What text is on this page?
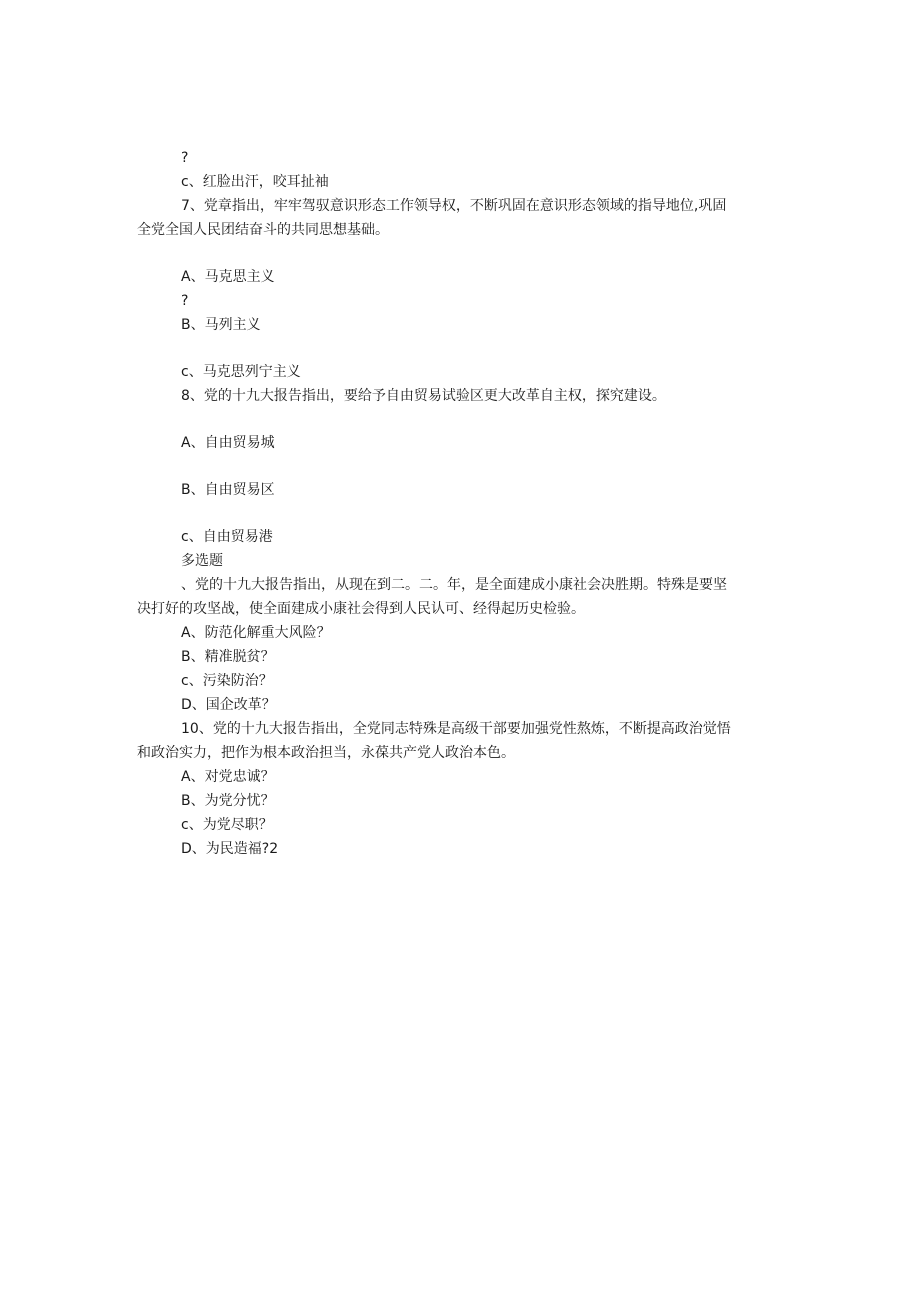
?
c、红脸出汗，咬耳扯袖
7、党章指出，牢牢驾驭意识形态工作领导权，不断巩固在意识形态领域的指导地位,巩固
全党全国人民团结奋斗的共同思想基础。
A、马克思主义
?
B、马列主义
c、马克思列宁主义
8、党的十九大报告指出，要给予自由贸易试验区更大改革自主权，探究建设。
A、自由贸易城
B、自由贸易区
c、自由贸易港
多选题
、党的十九大报告指出，从现在到二。二。年，是全面建成小康社会决胜期。特殊是要坚
决打好的攻坚战，使全面建成小康社会得到人民认可、经得起历史检验。
A、防范化解重大风险？
B、精准脱贫？
c、污染防治？
D、国企改革？
10、党的十九大报告指出，全党同志特殊是高级干部要加强党性熬炼，不断提高政治觉悟
和政治实力，把作为根本政治担当，永葆共产党人政治本色。
A、对党忠诚？
B、为党分忧？
c、为党尽职？
D、为民造福?2
